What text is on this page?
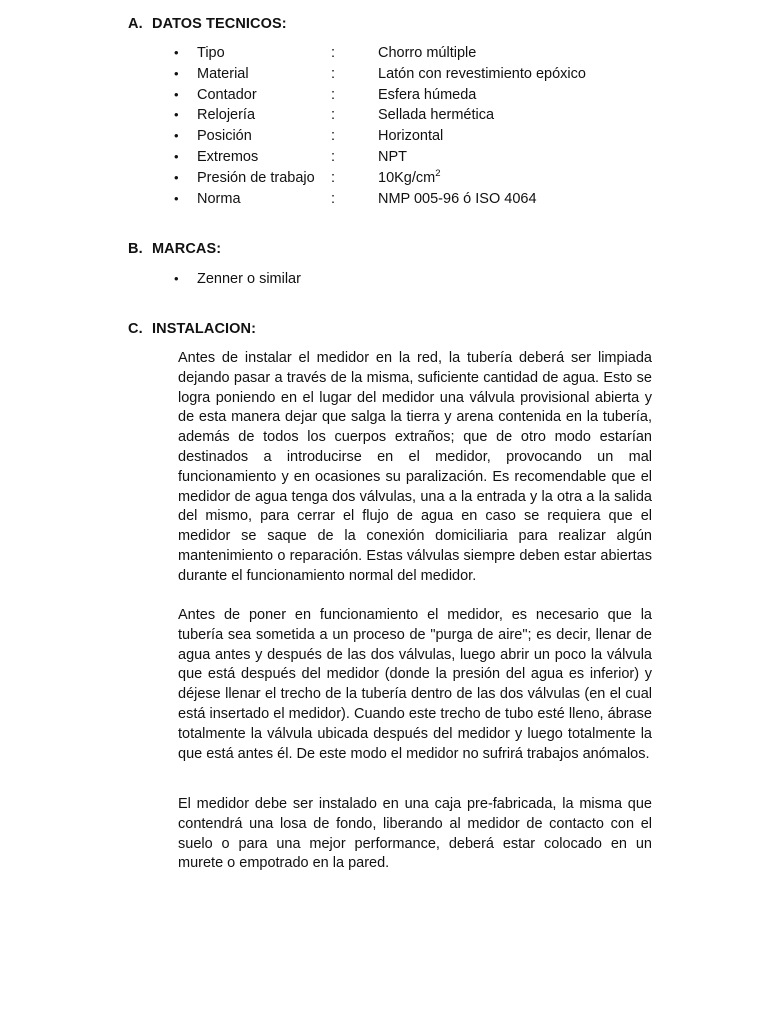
A. DATOS TECNICOS:
• Tipo	:	Chorro múltiple
• Material	:	Latón con revestimiento epóxico
• Contador	:	Esfera húmeda
• Relojería	:	Sellada hermética
• Posición	:	Horizontal
• Extremos	:	NPT
• Presión de trabajo :	$10Kg/cm^2$
• Norma	:	NMP 005-96 ó ISO 4064
B. MARCAS:
• Zenner o similar
C. INSTALACION:

Antes de instalar el medidor en la red, la tubería deberá ser limpiada dejando pasar a través de la misma, suficiente cantidad de agua. Esto se logra poniendo en el lugar del medidor una válvula provisional abierta y de esta manera dejar que salga la tierra y arena contenida en la tubería, además de todos los cuerpos extraños; que de otro modo estarían destinados a introducirse en el medidor, provocando un mal funcionamiento y en ocasiones su paralización. Es recomendable que el medidor de agua tenga dos válvulas, una a la entrada y la otra a la salida del mismo, para cerrar el flujo de agua en caso se requiera que el medidor se saque de la conexión domiciliaria para realizar algún mantenimiento o reparación. Estas válvulas siempre deben estar abiertas durante el funcionamiento normal del medidor.

Antes de poner en funcionamiento el medidor, es necesario que la tubería sea sometida a un proceso de "purga de aire"; es decir, llenar de agua antes y después de las dos válvulas, luego abrir un poco la válvula que está después del medidor (donde la presión del agua es inferior) y déjese llenar el trecho de la tubería dentro de las dos válvulas (en el cual está insertado el medidor). Cuando este trecho de tubo esté lleno, ábrase totalmente la válvula ubicada después del medidor y luego totalmente la que está antes él. De este modo el medidor no sufrirá trabajos anómalos.

El medidor debe ser instalado en una caja pre-fabricada, la misma que contendrá una losa de fondo, liberando al medidor de contacto con el suelo o para una mejor performance, deberá estar colocado en un murete o empotrado en la pared.
